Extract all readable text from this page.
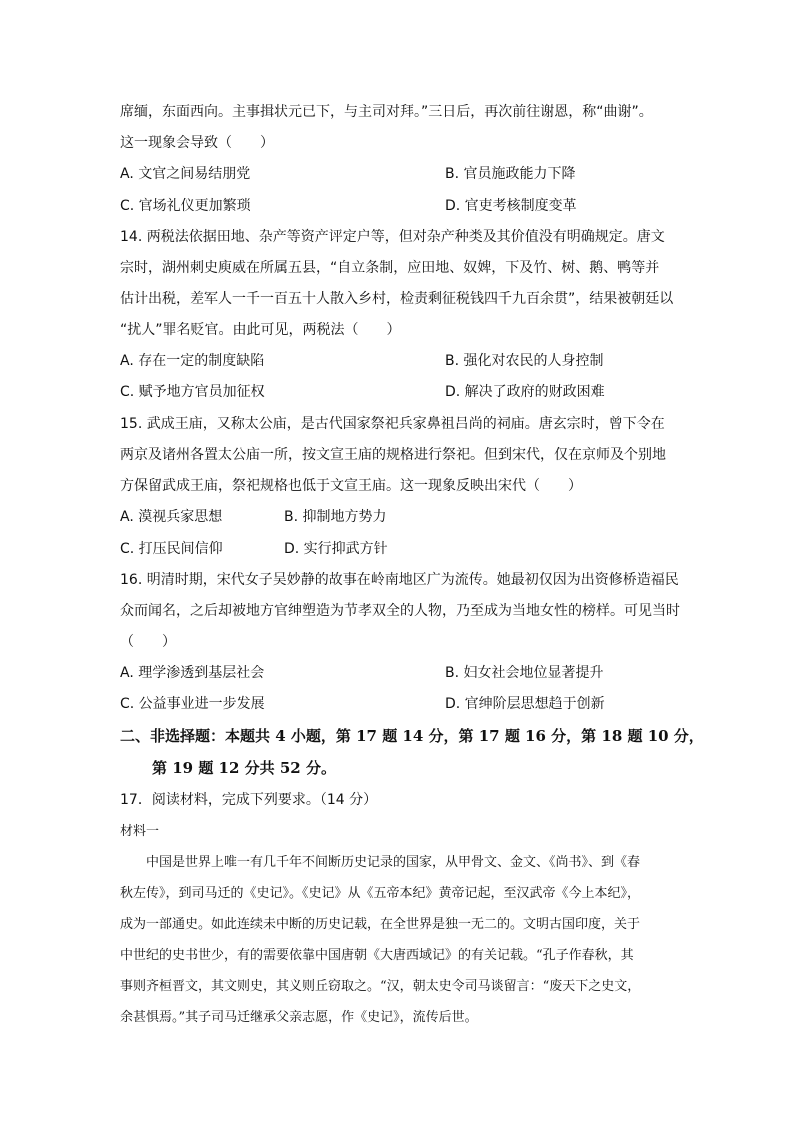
席缅，东面西向。主事揖状元已下，与主司对拜。”三日后，再次前往谢恩，称“曲谢”。
这一现象会导致（　　）
A. 文官之间易结朋党	B. 官员施政能力下降
C. 官场礼仪更加繁琐	D. 官吏考核制度变革
14. 两税法依据田地、杂产等资产评定户等，但对杂产种类及其价值没有明确规定。唐文
宗时，湖州刺史庾威在所属五县，“自立条制，应田地、奴婢，下及竹、树、鹅、鸭等并
估计出税，差军人一千一百五十人散入乡村，检责剩征税钱四千九百余贯”，结果被朝廷以
“扰人”罪名贬官。由此可见，两税法（　　）
A. 存在一定的制度缺陷	B. 强化对农民的人身控制
C. 赋予地方官员加征权	D. 解决了政府的财政困难
15. 武成王庙，又称太公庙，是古代国家祭祀兵家鼻祖吕尚的祠庙。唐玄宗时，曾下令在
两京及诸州各置太公庙一所，按文宣王庙的规格进行祭祀。但到宋代，仅在京师及个别地
方保留武成王庙，祭祀规格也低于文宣王庙。这一现象反映出宋代（　　）
A. 漠视兵家思想	B. 抑制地方势力
C. 打压民间信仰	D. 实行抑武方针
16. 明清时期，宋代女子吴妙静的故事在岭南地区广为流传。她最初仅因为出资修桥造福民
众而闻名，之后却被地方官绅塑造为节孝双全的人物，乃至成为当地女性的榜样。可见当时
（　　）
A. 理学渗透到基层社会	B. 妇女社会地位显著提升
C. 公益事业进一步发展	D. 官绅阶层思想趋于创新
二、非选择题：本题共 4 小题，第 17 题 14 分，第 17 题 16 分，第 18 题 10 分，
第 19 题 12 分共 52 分。
17．阅读材料，完成下列要求。（14 分）
材料一
中国是世界上唯一有几千年不间断历史记录的国家，从甲骨文、金文、《尚书》、到《春
秋左传》，到司马迁的《史记》。《史记》从《五帝本纪》黄帝记起，至汉武帝《今上本纪》，
成为一部通史。如此连续未中断的历史记载，在全世界是独一无二的。文明古国印度，关于
中世纪的史书世少，有的需要依靠中国唐朝《大唐西域记》的有关记载。“孔子作春秋，其
事则齐桓晋文，其文则史，其义则丘窃取之。“汉，朝太史令司马谈留言：“废天下之史文，
余甚惧焉。”其子司马迁继承父亲志愿，作《史记》，流传后世。
